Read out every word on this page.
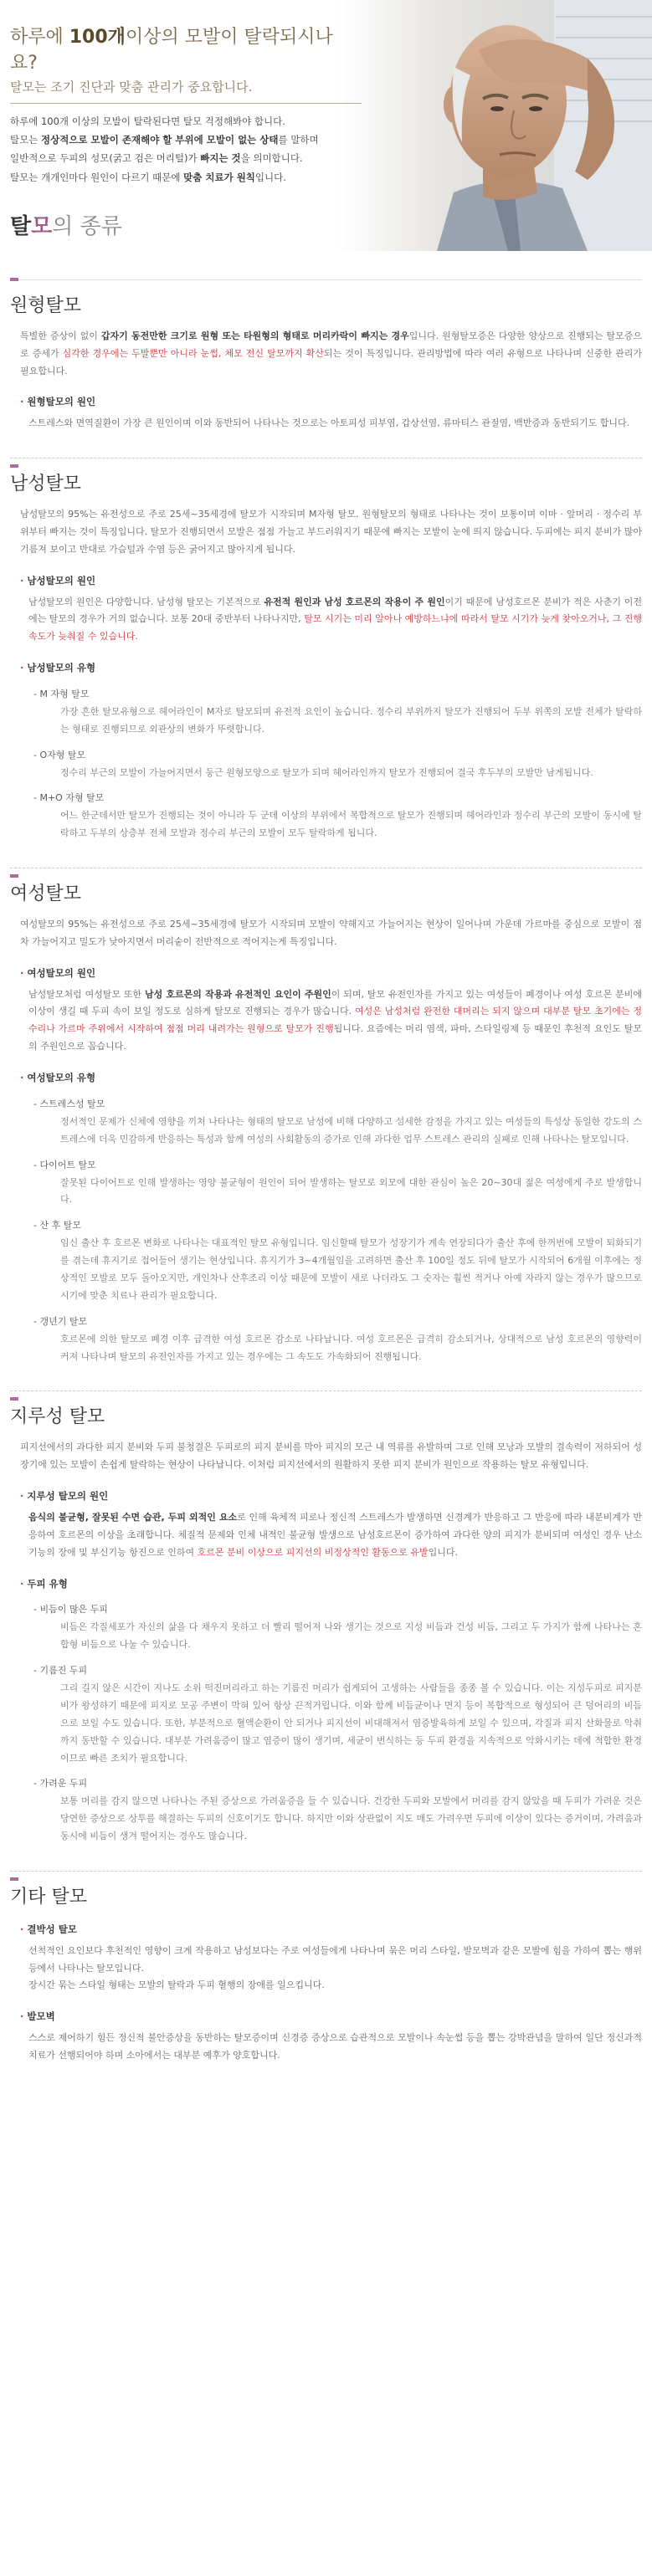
하루에 100개이상의 모발이 탈락되시나요?
탈모는 조기 진단과 맞춤 관리가 중요합니다.
하루에 100개 이상의 모발이 탈락된다면 탈모 걱정해봐야 합니다.
탈모는 정상적으로 모발이 존재해야 할 부위에 모발이 없는 상태를 말하며
일반적으로 두피의 성모(굵고 검은 머리털)가 빠지는 것을 의미합니다.
탈모는 개개인마다 원인이 다르기 때문에 맞춤 치료가 원칙입니다.
탈모의 종류
원형탈모
특별한 증상이 없이 갑자기 동전만한 크기로 원형 또는 타원형의 형태로 머리카락이 빠지는 경우입니다. 원형탈모증은 다양한 양상으로 진행되는 탈모증으로 증세가 심각한 경우에는 두발뿐만 아니라 눈썹, 체모 전신 탈모까지 확산되는 것이 특징입니다. 관리방법에 따라 여러 유형으로 나타나며 신중한 관리가 필요합니다.
· 원형탈모의 원인
스트레스와 면역질환이 가장 큰 원인이며 이와 동반되어 나타나는 것으로는 아토피성 피부염, 갑상선염, 류마티스 관절염, 백반증과 동반되기도 합니다.
남성탈모
남성탈모의 95%는 유전성으로 주로 25세~35세경에 탈모가 시작되며 M자형 탈모. 원형탈모의 형태로 나타나는 것이 보통이며 이마 · 앞머리 · 정수리 부위부터 빠지는 것이 특징입니다. 탈모가 진행되면서 모발은 점점 가늘고 부드러워지기 때문에 빠지는 모발이 눈에 띄지 않습니다. 두피에는 피지 분비가 많아 기름져 보이고 반대로 가슴털과 수염 등은 굵어지고 많아지게 됩니다.
· 남성탈모의 원인
남성탈모의 원인은 다양합니다. 남성형 탈모는 기본적으로 유전적 원인과 남성 호르몬의 작용이 주 원인이기 때문에 남성호르몬 분비가 적은 사춘기 이전에는 탈모의 경우가 거의 없습니다. 보통 20대 중반부터 나타나지만, 탈모 시기는 미리 알아나 예방하느냐에 따라서 탈모 시기가 늦게 찾아오거나, 그 진행 속도가 늦춰질 수 있습니다.
· 남성탈모의 유형
- M 자형 탈모
가장 흔한 탈모유형으로 헤어라인이 M자로 탈모되며 유전적 요인이 높습니다. 정수리 부위까지 탈모가 진행되어 두부 위쪽의 모발 전체가 탈락하는 형태로 진행되므로 외관상의 변화가 뚜렷합니다.
- O자형 탈모
정수리 부근의 모발이 가늘어지면서 둥근 원형모양으로 탈모가 되며 헤어라인까지 탈모가 진행되어 결국 후두부의 모발만 남게됩니다.
- M+O 자형 탈모
어느 한군데서만 탈모가 진행되는 것이 아니라 두 군데 이상의 부위에서 복합적으로 탈모가 진행되며 헤어라인과 정수리 부근의 모발이 동시에 탈락하고 두부의 상층부 전체 모발과 정수리 부근의 모발이 모두 탈락하게 됩니다.
여성탈모
여성탈모의 95%는 유전성으로 주로 25세~35세경에 탈모가 시작되며 모발이 약해지고 가늘어지는 현상이 일어나며 가운데 가르마를 중심으로 모발이 점차 가늘어지고 밀도가 낮아지면서 머리숱이 전반적으로 적어지는게 특징입니다.
· 여성탈모의 원인
남성탈모처럼 여성탈모 또한 남성 호르몬의 작용과 유전적인 요인이 주원인이 되며, 탈모 유전인자를 가지고 있는 여성들이 폐경이나 여성 호르몬 분비에 이상이 생길 때 두피 속이 보일 정도로 심하게 탈모로 진행되는 경우가 많습니다. 여성은 남성처럼 완전한 대머리는 되지 않으며 대부분 탈모 초기에는 정수리나 가르마 주위에서 시작하여 점점 머리 내려가는 원형으로 탈모가 진행됩니다. 요즘에는 머리 염색, 파마, 스타일링제 등 때문인 후천적 요인도 탈모의 주원인으로 꼽습니다.
· 여성탈모의 유형
- 스트레스성 탈모
정서적인 문제가 신체에 영향을 끼쳐 나타나는 형태의 탈모로 남성에 비해 다양하고 섬세한 감정을 가지고 있는 여성들의 특성상 동일한 강도의 스트레스에 더욱 민감하게 반응하는 특성과 함께 여성의 사회활동의 증가로 인해 과다한 업무 스트레스 관리의 실패로 인해 나타나는 탈모입니다.
- 다이어트 탈모
잘못된 다이어트로 인해 발생하는 영양 불균형이 원인이 되어 발생하는 탈모로 외모에 대한 관심이 높은 20~30대 젊은 여성에게 주로 발생합니다.
- 산 후 탈모
임신 출산 후 호르몬 변화로 나타나는 대표적인 탈모 유형입니다. 임신할때 탈모가 성장기가 계속 연장되다가 출산 후에 한꺼번에 모발이 퇴화되기를 겪는데 휴지기로 접어들어 생기는 현상입니다. 휴지기가 3~4개월임을 고려하면 출산 후 100일 정도 뒤에 탈모가 시작되어 6개월 이후에는 정상적인 모발로 모두 돌아오지만, 개인차나 산후조리 이상 때문에 모발이 새로 나더라도 그 숫자는 훨씬 적거나 아예 자라지 않는 경우가 많으므로 시기에 맞춘 치료나 관리가 필요합니다.
- 갱년기 탈모
호르몬에 의한 탈모로 폐경 이후 급격한 여성 호르몬 감소로 나타납니다. 여성 호르몬은 급격히 감소되거나, 상대적으로 남성 호르몬의 영향력이 커져 나타나며 탈모의 유전인자를 가지고 있는 경우에는 그 속도도 가속화되어 진행됩니다.
지루성 탈모
피지선에서의 과다한 피지 분비와 두피 불청결은 두피로의 피지 분비를 막아 피지의 모근 내 역류를 유발하며 그로 인해 모낭과 모발의 결속력이 저하되어 성장기에 있는 모발이 손쉽게 탈락하는 현상이 나타납니다. 이처럼 피지선에서의 원활하지 못한 피지 분비가 원인으로 작용하는 탈모 유형입니다.
· 지루성 탈모의 원인
음식의 불균형, 잘못된 수면 습관, 두피 외적인 요소로 인해 육체적 피로나 정신적 스트레스가 발생하면 신경계가 반응하고 그 반응에 따라 내분비계가 반응하여 호르몬의 이상을 초래합니다. 체질적 문제와 인체 내적인 불균형 발생으로 남성호르몬이 증가하여 과다한 양의 피지가 분비되며 여성인 경우 난소 기능의 장애 및 부신기능 항진으로 인하여 호르몬 분비 이상으로 피지선의 비정상적인 활동으로 유발입니다.
· 두피 유형
- 비듬이 많은 두피
비듬은 각질세포가 자신의 삶을 다 채우지 못하고 더 빨리 떨어져 나와 생기는 것으로 지성 비듬과 건성 비듬, 그리고 두 가지가 함께 나타나는 혼합형 비듬으로 나눌 수 있습니다.
- 기름진 두피
그리 길지 않은 시간이 지나도 소위 떡진머리라고 하는 기름진 머리가 쉽게되어 고생하는 사람들을 종종 볼 수 있습니다. 이는 지성두피로 피지분비가 왕성하기 때문에 피지로 모공 주변이 막혀 있어 항상 끈적거립니다. 이와 함께 비듬균이나 면지 등이 복합적으로 형성되어 큰 덩어리의 비듬으로 보일 수도 있습니다. 또한, 부분적으로 혈액순환이 안 되거나 피지선이 비대해져서 염증발육하게 보일 수 있으며, 각질과 피지 산화물로 악취까지 동반할 수 있습니다. 대부분 가려움증이 많고 염증이 많이 생기며, 세균이 번식하는 등 두피 환경을 지속적으로 악화시키는 데에 적합한 환경이므로 빠른 조치가 필요합니다.
- 가려운 두피
보통 머리를 감지 않으면 나타나는 주된 증상으로 가려움증을 들 수 있습니다. 건강한 두피와 모발에서 머리를 감지 않았을 때 두피가 가려운 것은 당연한 증상으로 상투를 해결하는 두피의 신호이기도 합니다. 하지만 이와 상관없이 지도 매도 가려우면 두피에 이상이 있다는 증거이며, 가려움과 동시에 비듬이 생겨 떨어지는 경우도 많습니다.
기타 탈모
· 결박성 탈모
선척적인 요인보다 후천적인 영향이 크게 작용하고 남성보다는 주로 여성들에게 나타나며 묶은 머리 스타일, 발모벽과 같은 모발에 힘을 가하여 뽑는 행위 등에서 나타나는 탈모입니다.
장시간 묶는 스타일 형태는 모발의 탈락과 두피 혈행의 장애를 일으킵니다.
· 발모벽
스스로 제어하기 힘든 정신적 불안증상을 동반하는 탈모증이며 신경증 증상으로 습관적으로 모발이나 속눈썹 등을 뽑는 강박관념을 말하여 일단 정신과적 치료가 선행되어야 하며 소아에서는 대부분 예후가 양호합니다.
